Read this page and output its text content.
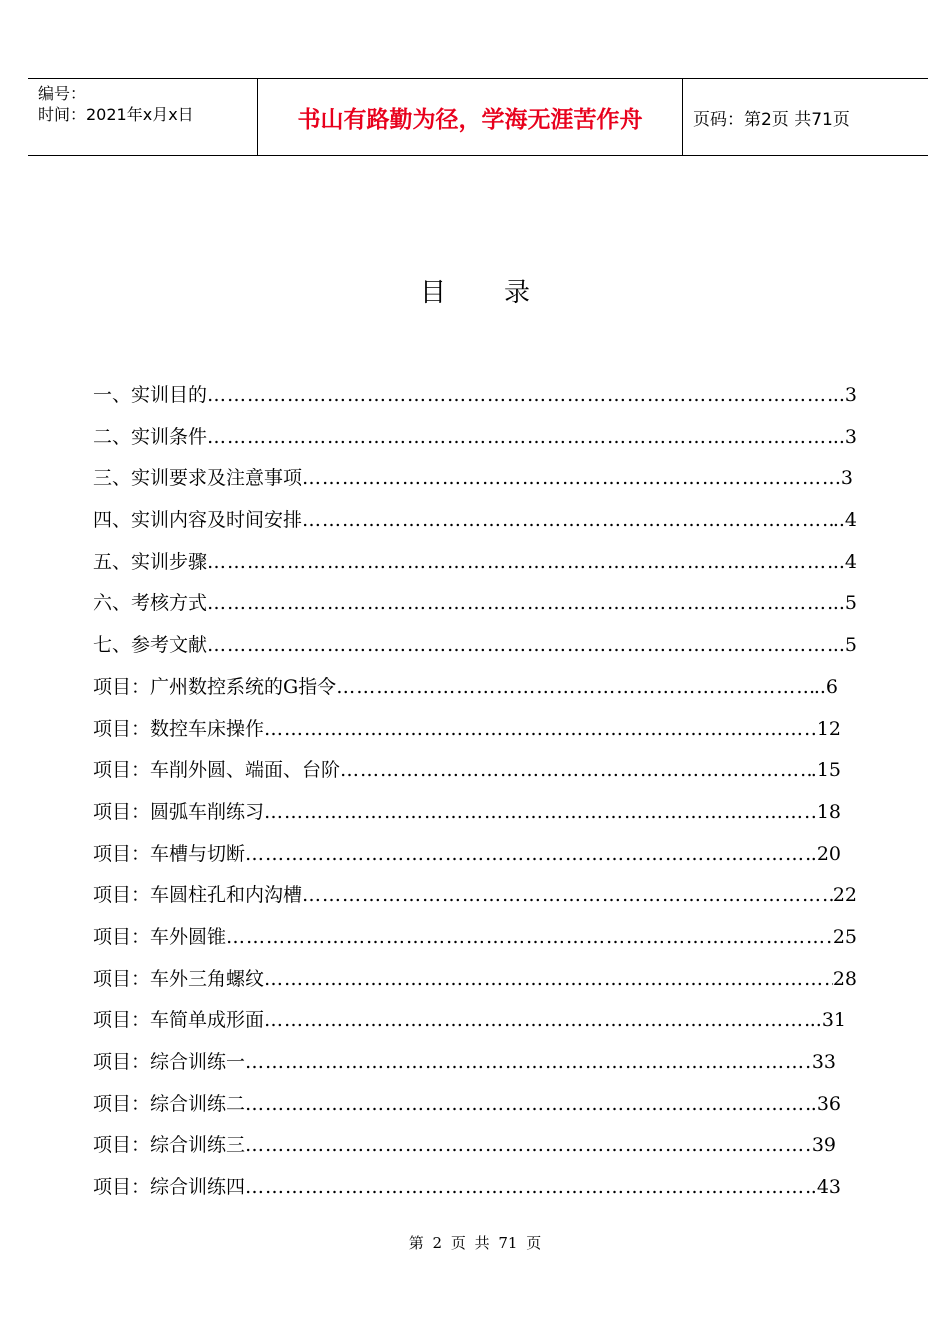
编号：
时间：2021年x月x日	书山有路勤为径，学海无涯苦作舟	页码：第2页 共71页
目录
一、实训目的 ………………………………………………………………………………………………………………………………………………	..3
二、实训条件 ………………………………………………………………………………………………………………………………………………	..3
三、实训要求及注意事项 ………………………………………………………………………………………………………………………………………………	.3
四、实训内容及时间安排 ………………………………………………………………………………………………………………………………………………	..4
五、实训步骤 ………………………………………………………………………………………………………………………………………………	..4
六、考核方式 ………………………………………………………………………………………………………………………………………………	..5
七、参考文献 ………………………………………………………………………………………………………………………………………………	..5
项目：广州数控系统的G指令 ………………………………………………………………………………………………………………………………………………	..6
项目：数控车床操作 ………………………………………………………………………………………………………………………………………………	.12
项目：车削外圆、端面、台阶 ………………………………………………………………………………………………………………………………………………	.15
项目：圆弧车削练习 ………………………………………………………………………………………………………………………………………………	.18
项目：车槽与切断 ………………………………………………………………………………………………………………………………………………	.20
项目：车圆柱孔和内沟槽 ………………………………………………………………………………………………………………………………………………	22
项目：车外圆锥 ………………………………………………………………………………………………………………………………………………	25
项目：车外三角螺纹 ………………………………………………………………………………………………………………………………………………	28
项目：车简单成形面 ………………………………………………………………………………………………………………………………………………	..31
项目：综合训练一 ………………………………………………………………………………………………………………………………………………	33
项目：综合训练二 ………………………………………………………………………………………………………………………………………………	.36
项目：综合训练三 ………………………………………………………………………………………………………………………………………………	39
项目：综合训练四 ………………………………………………………………………………………………………………………………………………	.43
第 2 页 共 71 页
